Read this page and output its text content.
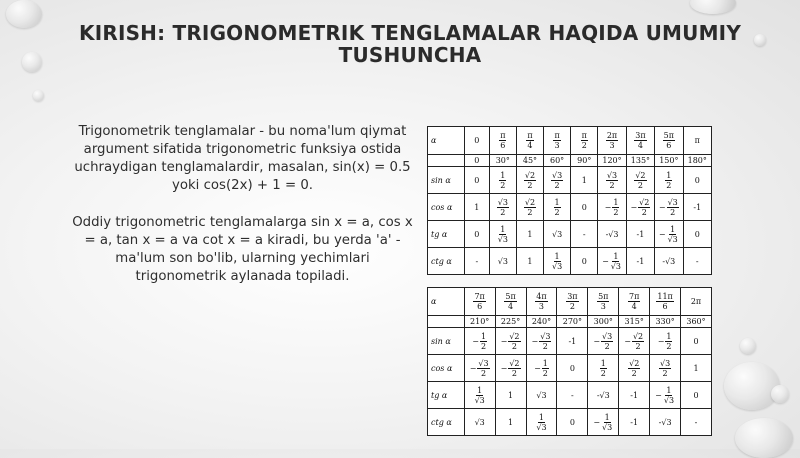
KIRISH: TRIGONOMETRIK TENGLAMALAR HAQIDA UMUMIY TUSHUNCHA

Trigonometrik tenglamalar - bu noma'lum qiymat argument sifatida trigonometric funksiya ostida uchraydigan tenglamalardir, masalan, sin(x) = 0.5 yoki cos(2x) + 1 = 0.

Oddiy trigonometric tenglamalarga sin x = a, cos x = a, tan x = a va cot x = a kiradi, bu yerda 'a' - ma'lum son bo'lib, ularning yechimlari trigonometrik aylanada topiladi.

α	0	$\frac{\pi}{6}$	$\frac{\pi}{4}$	$\frac{\pi}{3}$	$\frac{\pi}{2}$	$\frac{2\pi}{3}$	$\frac{3\pi}{4}$	$\frac{5\pi}{6}$	π
	0	30°	45°	60°	90°	120°	135°	150°	180°
sin α	0	$\frac{1}{2}$	$\frac{√2}{2}$	$\frac{√3}{2}$	1	$\frac{√3}{2}$	$\frac{√2}{2}$	$\frac{1}{2}$	0
cos α	1	$\frac{√3}{2}$	$\frac{√2}{2}$	$\frac{1}{2}$	0	− $\frac{1}{2}$	− $\frac{√2}{2}$	− $\frac{√3}{2}$	-1
tg α	0	$\frac{1}{√3}$	1	√3	-	-√3	-1	− $\frac{1}{√3}$	0
ctg α	-	√3	1	$\frac{1}{√3}$	0	− $\frac{1}{√3}$	-1	-√3	-
α	$\frac{7\pi}{6}$	$\frac{5\pi}{4}$	$\frac{4\pi}{3}$	$\frac{3\pi}{2}$	$\frac{5\pi}{3}$	$\frac{7\pi}{4}$	$\frac{11\pi}{6}$	2π
	210°	225°	240°	270°	300°	315°	330°	360°
sin α	− $\frac{1}{2}$	− $\frac{√2}{2}$	− $\frac{√3}{2}$	-1	− $\frac{√3}{2}$	− $\frac{√2}{2}$	− $\frac{1}{2}$	0
cos α	− $\frac{√3}{2}$	− $\frac{√2}{2}$	− $\frac{1}{2}$	0	$\frac{1}{2}$	$\frac{√2}{2}$	$\frac{√3}{2}$	1
tg α	$\frac{1}{√3}$	1	√3	-	-√3	-1	− $\frac{1}{√3}$	0
ctg α	√3	1	$\frac{1}{√3}$	0	− $\frac{1}{√3}$	-1	-√3	-
